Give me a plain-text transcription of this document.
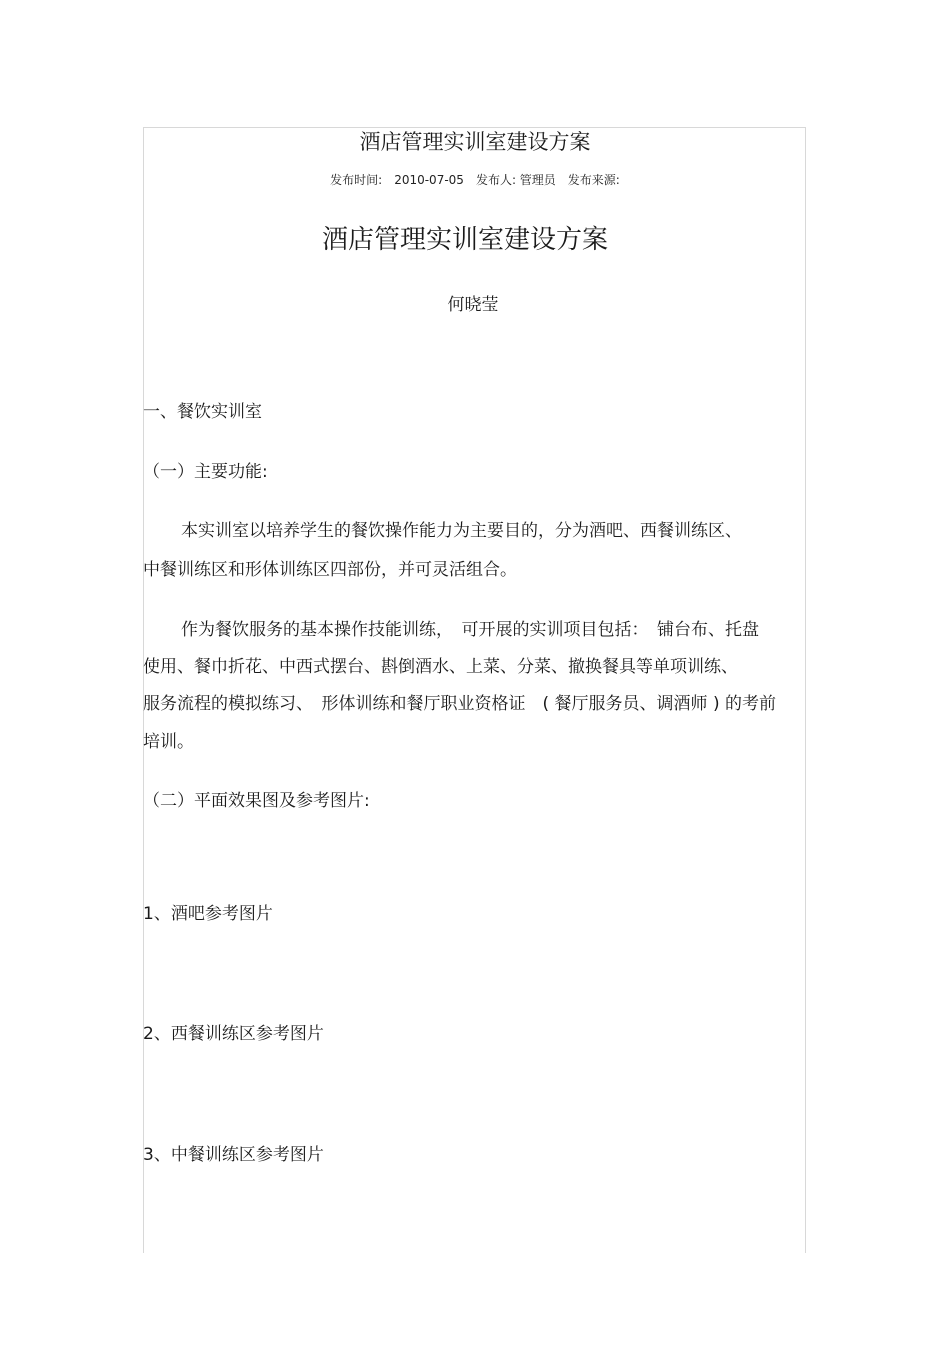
酒店管理实训室建设方案
发布时间: 2010-07-05 发布人: 管理员 发布来源:
酒店管理实训室建设方案
何晓莹
一、餐饮实训室
（一）主要功能:
本实训室以培养学生的餐饮操作能力为主要目的，分为酒吧、西餐训练区、
中餐训练区和形体训练区四部份，并可灵活组合。
作为餐饮服务的基本操作技能训练，　可开展的实训项目包括：　铺台布、托盘
使用、餐巾折花、中西式摆台、斟倒酒水、上菜、分菜、撤换餐具等单项训练、
服务流程的模拟练习、　形体训练和餐厅职业资格证　( 餐厅服务员、调酒师 ) 的考前
培训。
（二）平面效果图及参考图片:
1、酒吧参考图片
2、西餐训练区参考图片
3、中餐训练区参考图片
